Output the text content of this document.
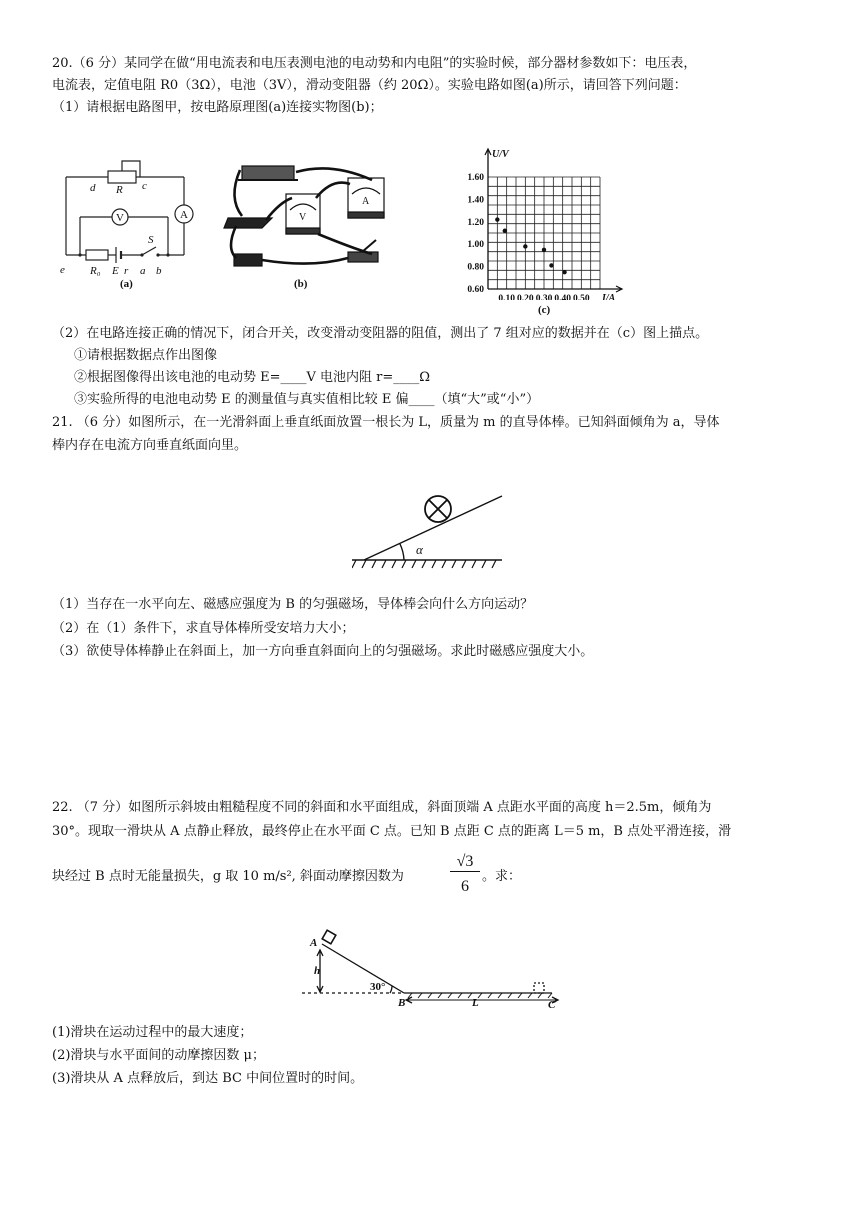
20.（6 分）某同学在做“用电流表和电压表测电池的电动势和内电阻”的实验时候，部分器材参数如下：电压表，
电流表，定值电阻 R0（3Ω），电池（3V），滑动变阻器（约 20Ω）。实验电路如图(a)所示，请回答下列问题：
（1）请根据电路图甲，按电路原理图(a)连接实物图(b)；
d R c
A
V
S
e R₀ E r a b
(a)
V
A
(b)
U/V
I/A
1.60
1.40
1.20
1.00
0.80
0.60
0.10 0.20 0.30 0.40 0.50
(c)
（2）在电路连接正确的情况下，闭合开关，改变滑动变阻器的阻值，测出了 7 组对应的数据并在（c）图上描点。
①请根据数据点作出图像
②根据图像得出该电池的电动势 E=____V 电池内阻 r=____Ω
③实验所得的电池电动势 E 的测量值与真实值相比较 E 偏____（填“大”或“小”）
21. （6 分）如图所示，在一光滑斜面上垂直纸面放置一根长为 L，质量为 m 的直导体棒。已知斜面倾角为 a，导体
棒内存在电流方向垂直纸面向里。
α
（1）当存在一水平向左、磁感应强度为 B 的匀强磁场，导体棒会向什么方向运动？
（2）在（1）条件下，求直导体棒所受安培力大小；
（3）欲使导体棒静止在斜面上，加一方向垂直斜面向上的匀强磁场。求此时磁感应强度大小。
22. （7 分）如图所示斜坡由粗糙程度不同的斜面和水平面组成，斜面顶端 A 点距水平面的高度 h＝2.5m，倾角为
30°。现取一滑块从 A 点静止释放，最终停止在水平面 C 点。已知 B 点距 C 点的距离 L＝5 m，B 点处平滑连接，滑
块经过 B 点时无能量损失，g 取 10 m/s², 斜面动摩擦因数为
√3
6
。求：
A
h
30°
B	L	C
(1)滑块在运动过程中的最大速度；
(2)滑块与水平面间的动摩擦因数 μ；
(3)滑块从 A 点释放后，到达 BC 中间位置时的时间。
